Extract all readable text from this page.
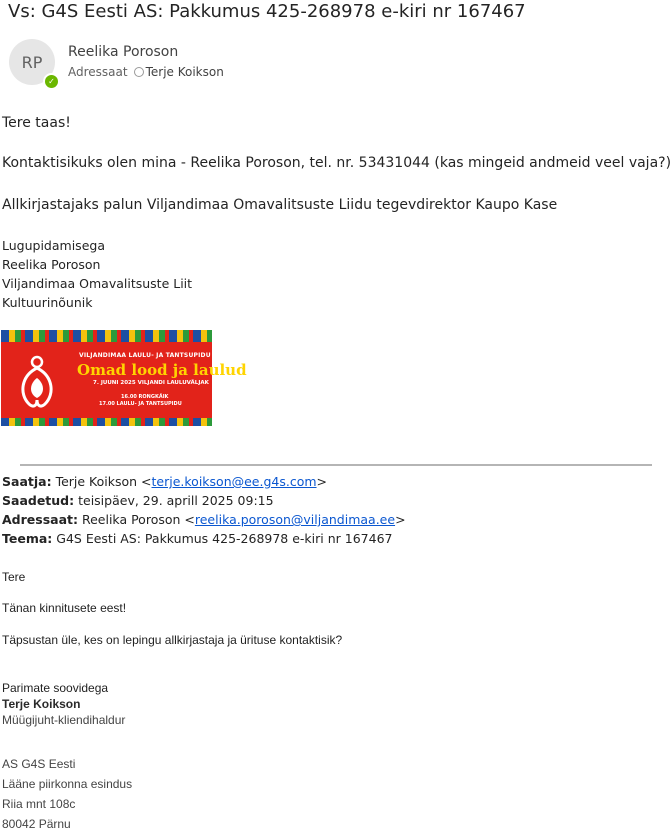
Vs: G4S Eesti AS: Pakkumus 425-268978 e-kiri nr 167467
RP
✓
Reelika Poroson
Adressaat Terje Koikson
Tere taas!
Kontaktisikuks olen mina - Reelika Poroson, tel. nr. 53431044 (kas mingeid andmeid veel vaja?)
Allkirjastajaks palun Viljandimaa Omavalitsuste Liidu tegevdirektor Kaupo Kase
Lugupidamisega
Reelika Poroson
Viljandimaa Omavalitsuste Liit
Kultuurinõunik
VILJANDIMAA LAULU- JA TANTSUPIDU
Omad lood ja laulud
7. JUUNI 2025 VILJANDI LAULUVÄLJAK
16.00 RONGKÄIK
17.00 LAULU- JA TANTSUPIDU
Saatja: Terje Koikson <terje.koikson@ee.g4s.com>
Saadetud: teisipäev, 29. aprill 2025 09:15
Adressaat: Reelika Poroson <reelika.poroson@viljandimaa.ee>
Teema: G4S Eesti AS: Pakkumus 425-268978 e-kiri nr 167467
Tere
Tänan kinnitusete eest!
Täpsustan üle, kes on lepingu allkirjastaja ja ürituse kontaktisik?
Parimate soovidega
Terje Koikson
Müügijuht-kliendihaldur
AS G4S Eesti
Lääne piirkonna esindus
Riia mnt 108c
80042 Pärnu
